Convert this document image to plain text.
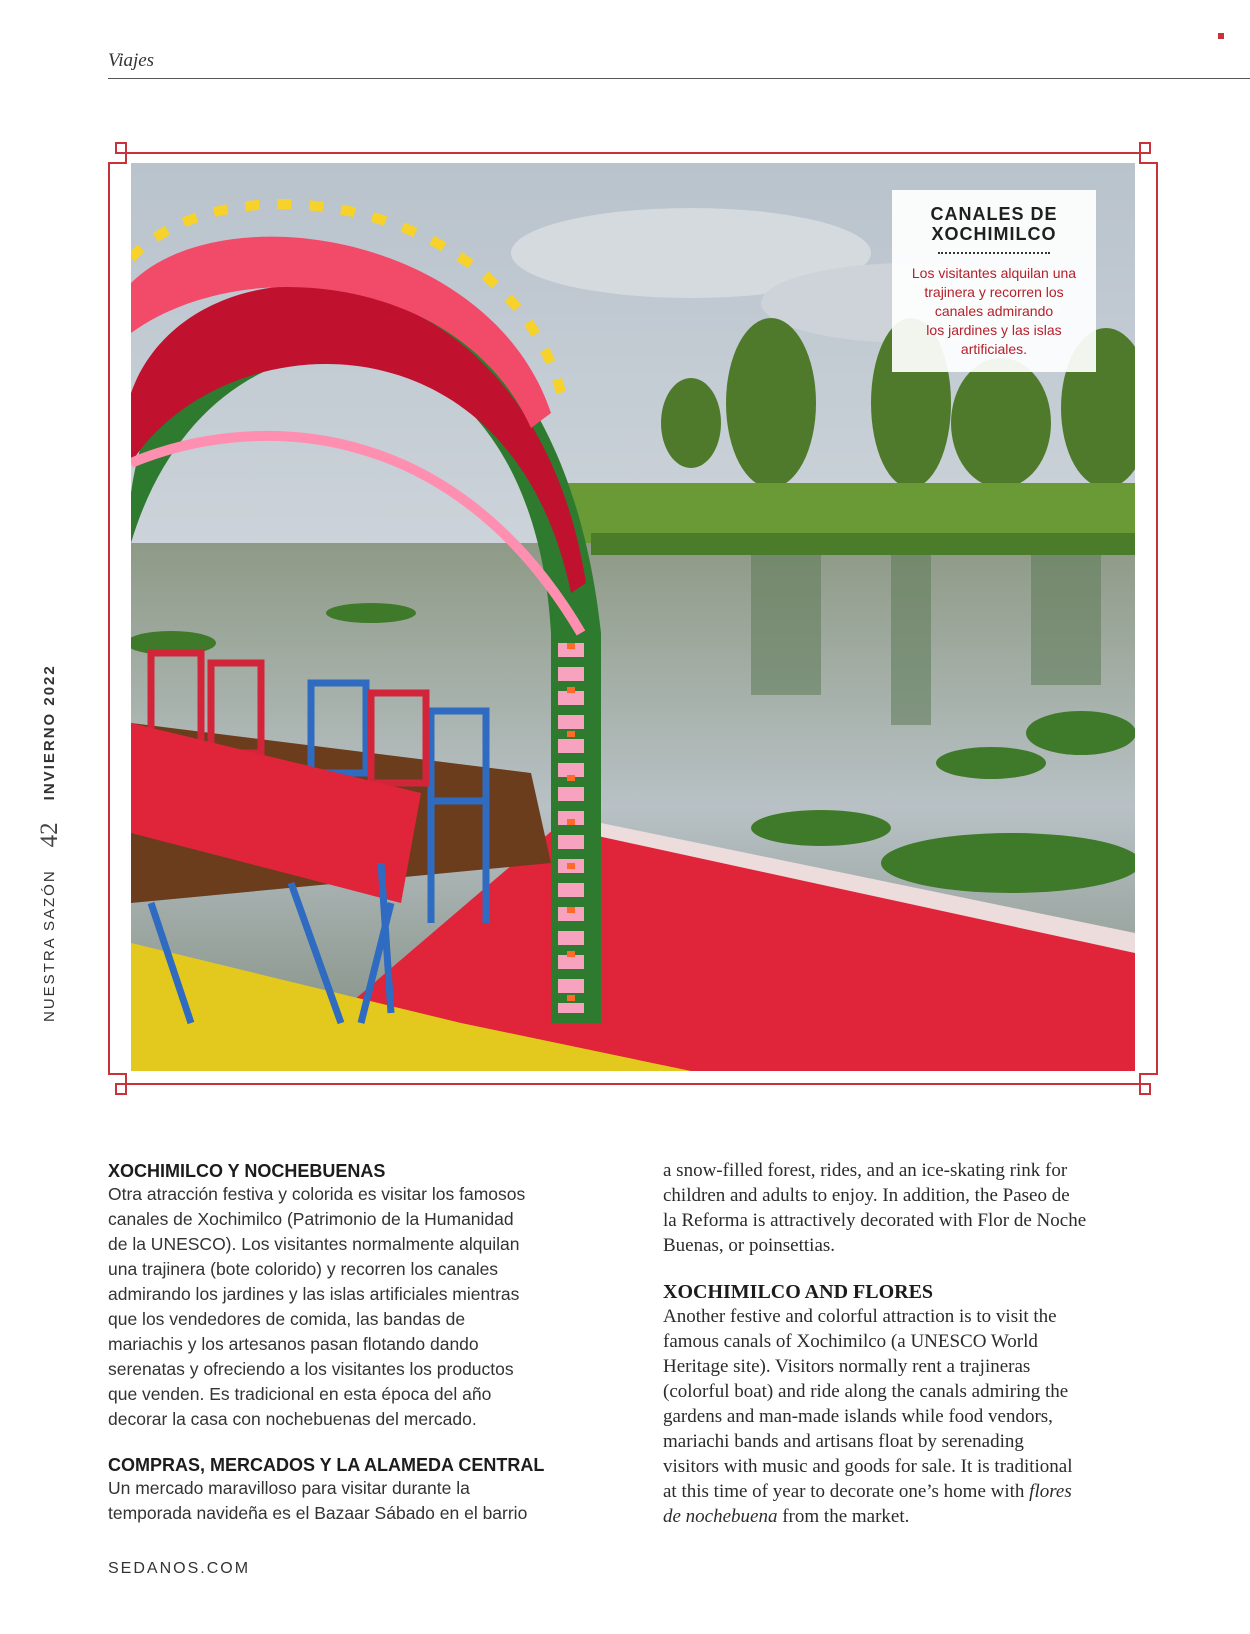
Viajes
CANALES DE
XOCHIMILCO
Los visitantes alquilan una
trajinera y recorren los
canales admirando
los jardines y las islas
artificiales.
NUESTRA SAZÓN42INVIERNO 2022

XOCHIMILCO Y NOCHEBUENAS

Otra atracción festiva y colorida es visitar los famosos
canales de Xochimilco (Patrimonio de la Humanidad
de la UNESCO). Los visitantes normalmente alquilan
una trajinera (bote colorido) y recorren los canales
admirando los jardines y las islas artificiales mientras
que los vendedores de comida, las bandas de
mariachis y los artesanos pasan flotando dando
serenatas y ofreciendo a los visitantes los productos
que venden. Es tradicional en esta época del año
decorar la casa con nochebuenas del mercado.

COMPRAS, MERCADOS Y LA ALAMEDA CENTRAL

Un mercado maravilloso para visitar durante la
temporada navideña es el Bazaar Sábado en el barrio
a snow-filled forest, rides, and an ice-skating rink for
children and adults to enjoy. In addition, the Paseo de
la Reforma is attractively decorated with Flor de Noche
Buenas, or poinsettias.

XOCHIMILCO AND FLORES

Another festive and colorful attraction is to visit the
famous canals of Xochimilco (a UNESCO World
Heritage site). Visitors normally rent a trajineras
(colorful boat) and ride along the canals admiring the
gardens and man-made islands while food vendors,
mariachi bands and artisans float by serenading
visitors with music and goods for sale. It is traditional
at this time of year to decorate one’s home with flores
de nochebuena from the market.
SEDANOS.COM
